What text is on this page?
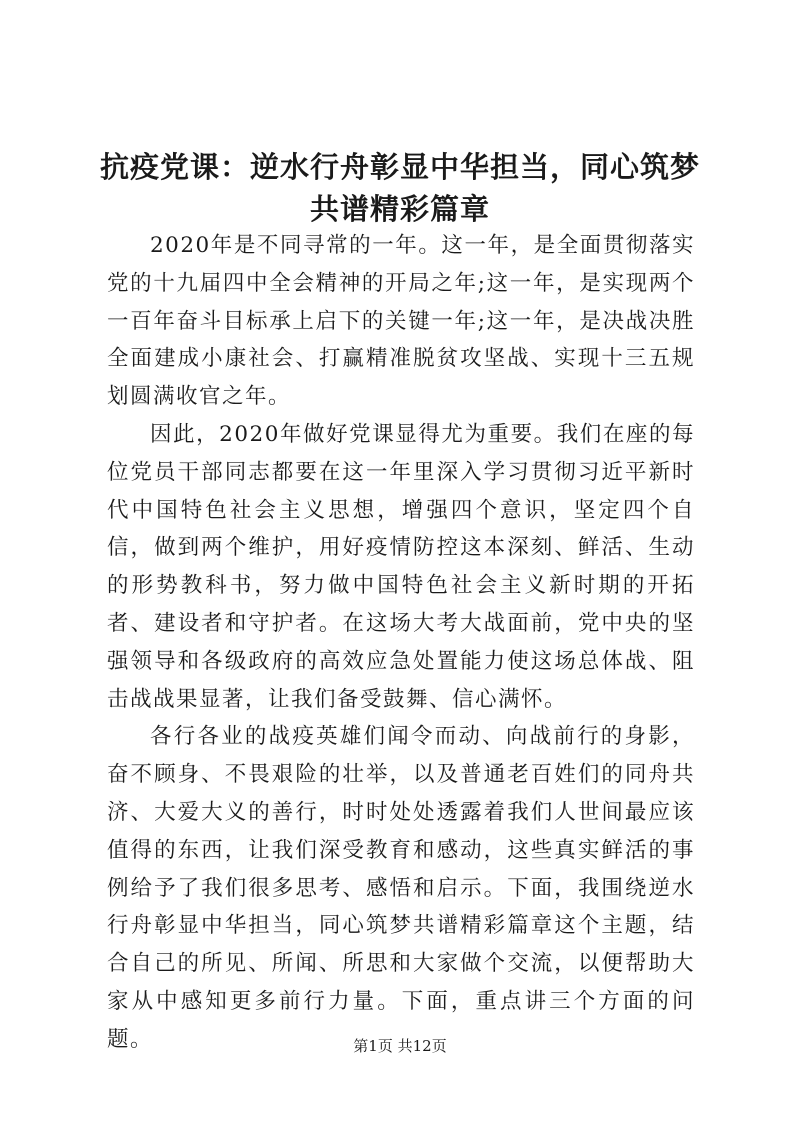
抗疫党课：逆水行舟彰显中华担当，同心筑梦共谱精彩篇章

2020年是不同寻常的一年。这一年，是全面贯彻落实党的十九届四中全会精神的开局之年;这一年，是实现两个一百年奋斗目标承上启下的关键一年;这一年，是决战决胜全面建成小康社会、打赢精准脱贫攻坚战、实现十三五规划圆满收官之年。

因此，2020年做好党课显得尤为重要。我们在座的每位党员干部同志都要在这一年里深入学习贯彻习近平新时代中国特色社会主义思想，增强四个意识，坚定四个自信，做到两个维护，用好疫情防控这本深刻、鲜活、生动的形势教科书，努力做中国特色社会主义新时期的开拓者、建设者和守护者。在这场大考大战面前，党中央的坚强领导和各级政府的高效应急处置能力使这场总体战、阻击战战果显著，让我们备受鼓舞、信心满怀。

各行各业的战疫英雄们闻令而动、向战前行的身影，奋不顾身、不畏艰险的壮举，以及普通老百姓们的同舟共济、大爱大义的善行，时时处处透露着我们人世间最应该值得的东西，让我们深受教育和感动，这些真实鲜活的事例给予了我们很多思考、感悟和启示。下面，我围绕逆水行舟彰显中华担当，同心筑梦共谱精彩篇章这个主题，结合自己的所见、所闻、所思和大家做个交流，以便帮助大家从中感知更多前行力量。下面，重点讲三个方面的问题。	第1页 共12页
